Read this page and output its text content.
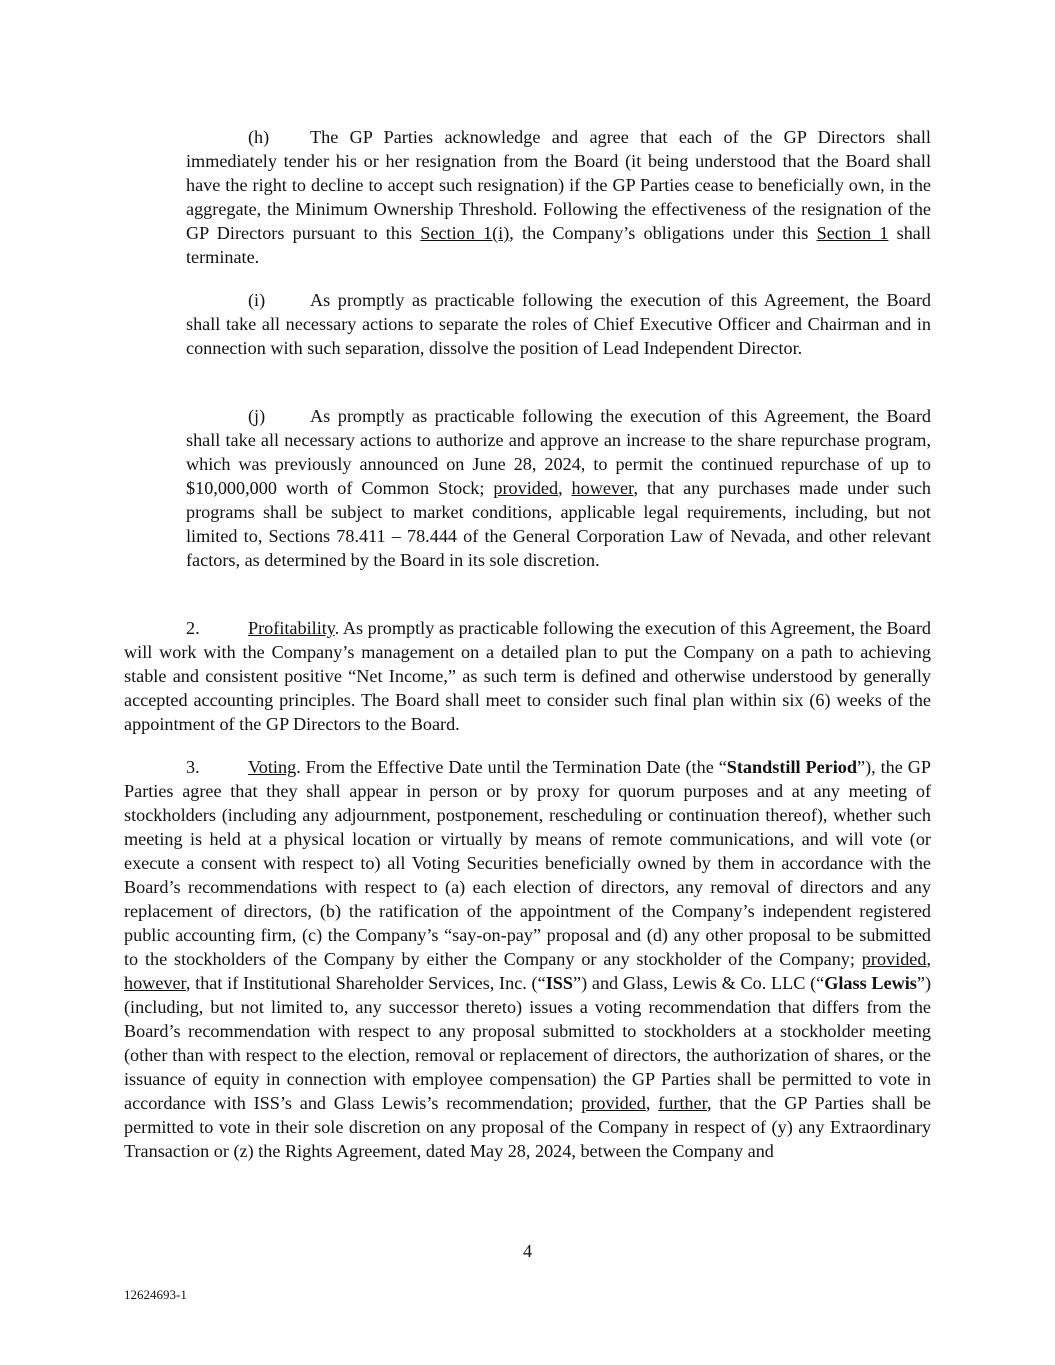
(h) The GP Parties acknowledge and agree that each of the GP Directors shall immediately tender his or her resignation from the Board (it being understood that the Board shall have the right to decline to accept such resignation) if the GP Parties cease to beneficially own, in the aggregate, the Minimum Ownership Threshold. Following the effectiveness of the resignation of the GP Directors pursuant to this Section 1(i), the Company’s obligations under this Section 1 shall terminate.

(i) As promptly as practicable following the execution of this Agreement, the Board shall take all necessary actions to separate the roles of Chief Executive Officer and Chairman and in connection with such separation, dissolve the position of Lead Independent Director.

(j) As promptly as practicable following the execution of this Agreement, the Board shall take all necessary actions to authorize and approve an increase to the share repurchase program, which was previously announced on June 28, 2024, to permit the continued repurchase of up to $10,000,000 worth of Common Stock; provided, however, that any purchases made under such programs shall be subject to market conditions, applicable legal requirements, including, but not limited to, Sections 78.411 – 78.444 of the General Corporation Law of Nevada, and other relevant factors, as determined by the Board in its sole discretion.

2.	Profitability. As promptly as practicable following the execution of this Agreement, the Board will work with the Company’s management on a detailed plan to put the Company on a path to achieving stable and consistent positive “Net Income,” as such term is defined and otherwise understood by generally accepted accounting principles. The Board shall meet to consider such final plan within six (6) weeks of the appointment of the GP Directors to the Board.

3.	Voting. From the Effective Date until the Termination Date (the “Standstill Period”), the GP Parties agree that they shall appear in person or by proxy for quorum purposes and at any meeting of stockholders (including any adjournment, postponement, rescheduling or continuation thereof), whether such meeting is held at a physical location or virtually by means of remote communications, and will vote (or execute a consent with respect to) all Voting Securities beneficially owned by them in accordance with the Board’s recommendations with respect to (a) each election of directors, any removal of directors and any replacement of directors, (b) the ratification of the appointment of the Company’s independent registered public accounting firm, (c) the Company’s “say-on-pay” proposal and (d) any other proposal to be submitted to the stockholders of the Company by either the Company or any stockholder of the Company; provided, however, that if Institutional Shareholder Services, Inc. (“ISS”) and Glass, Lewis & Co. LLC (“Glass Lewis”) (including, but not limited to, any successor thereto) issues a voting recommendation that differs from the Board’s recommendation with respect to any proposal submitted to stockholders at a stockholder meeting (other than with respect to the election, removal or replacement of directors, the authorization of shares, or the issuance of equity in connection with employee compensation) the GP Parties shall be permitted to vote in accordance with ISS’s and Glass Lewis’s recommendation; provided, further, that the GP Parties shall be permitted to vote in their sole discretion on any proposal of the Company in respect of (y) any Extraordinary Transaction or (z) the Rights Agreement, dated May 28, 2024, between the Company and

4
12624693-1
